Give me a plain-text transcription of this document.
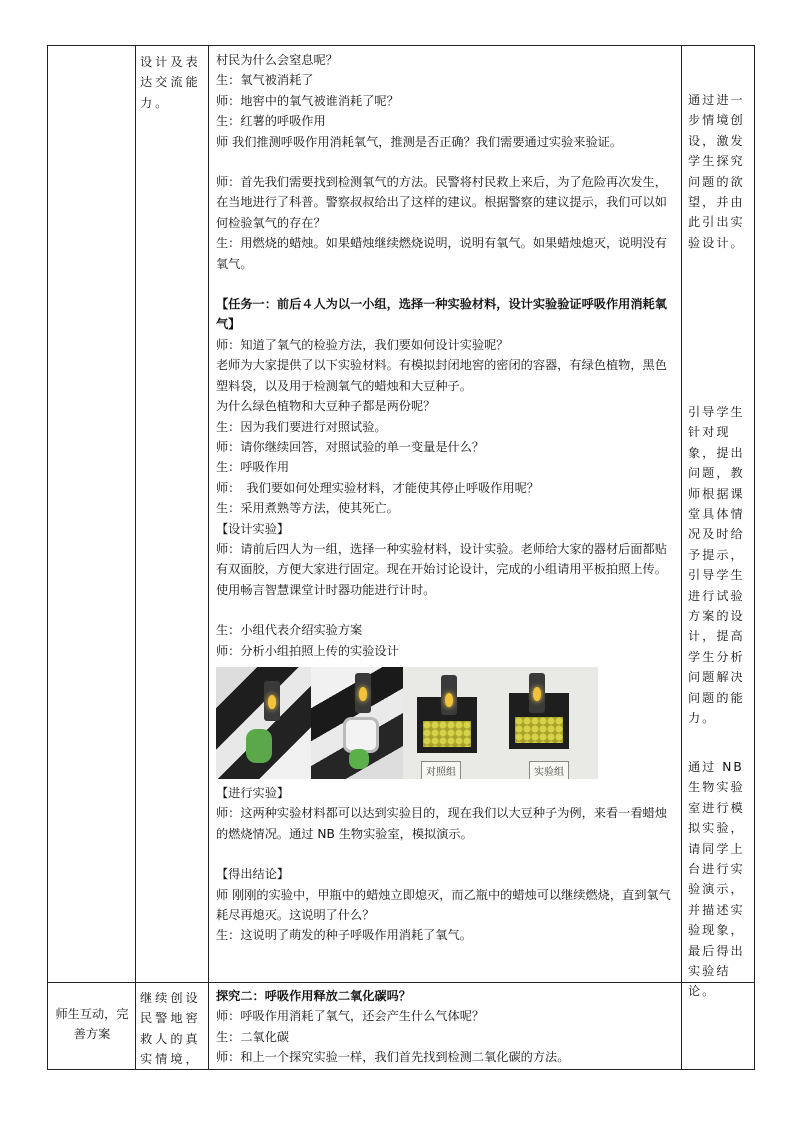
设计及表达交流能力。

村民为什么会窒息呢？

生：氧气被消耗了

师：地窖中的氧气被谁消耗了呢？

生：红薯的呼吸作用

师 我们推测呼吸作用消耗氧气，推测是否正确？我们需要通过实验来验证。

师：首先我们需要找到检测氧气的方法。民警将村民救上来后，为了危险再次发生，在当地进行了科普。警察叔叔给出了这样的建议。根据警察的建议提示，我们可以如何检验氧气的存在？

生：用燃烧的蜡烛。如果蜡烛继续燃烧说明，说明有氧气。如果蜡烛熄灭，说明没有氧气。

【任务一：前后４人为以一小组，选择一种实验材料，设计实验验证呼吸作用消耗氧气】

师：知道了氧气的检验方法，我们要如何设计实验呢？

老师为大家提供了以下实验材料。有模拟封闭地窖的密闭的容器，有绿色植物，黑色塑料袋，以及用于检测氧气的蜡烛和大豆种子。

为什么绿色植物和大豆种子都是两份呢？

生：因为我们要进行对照试验。

师：请你继续回答，对照试验的单一变量是什么？

生：呼吸作用

师：　我们要如何处理实验材料，才能使其停止呼吸作用呢？

生：采用煮熟等方法，使其死亡。

【设计实验】

师：请前后四人为一组，选择一种实验材料，设计实验。老师给大家的器材后面都贴有双面胶，方便大家进行固定。现在开始讨论设计，完成的小组请用平板拍照上传。使用畅言智慧课堂计时器功能进行计时。

生：小组代表介绍实验方案

师：分析小组拍照上传的实验设计

对照组	实验组

【进行实验】

师：这两种实验材料都可以达到实验目的，现在我们以大豆种子为例，来看一看蜡烛的燃烧情况。通过 NB 生物实验室，模拟演示。

【得出结论】

师 刚刚的实验中，甲瓶中的蜡烛立即熄灭，而乙瓶中的蜡烛可以继续燃烧，直到氧气耗尽再熄灭。这说明了什么？

生：这说明了萌发的种子呼吸作用消耗了氧气。

通过进一步情境创设，激发学生探究问题的欲望，并由此引出实验设计。

引导学生针对现象，提出问题，教师根据课堂具体情况及时给予提示，引导学生进行试验方案的设计，提高学生分析问题解决问题的能力。

通过 NB 生物实验室进行模拟实验，请同学上台进行实验演示，并描述实验现象，最后得出实验结论。

师生互动，完善方案
继续创设民警地窖救人的真实情境，

探究二：呼吸作用释放二氧化碳吗？

师：呼吸作用消耗了氧气，还会产生什么气体呢？

生：二氧化碳

师：和上一个探究实验一样，我们首先找到检测二氧化碳的方法。
